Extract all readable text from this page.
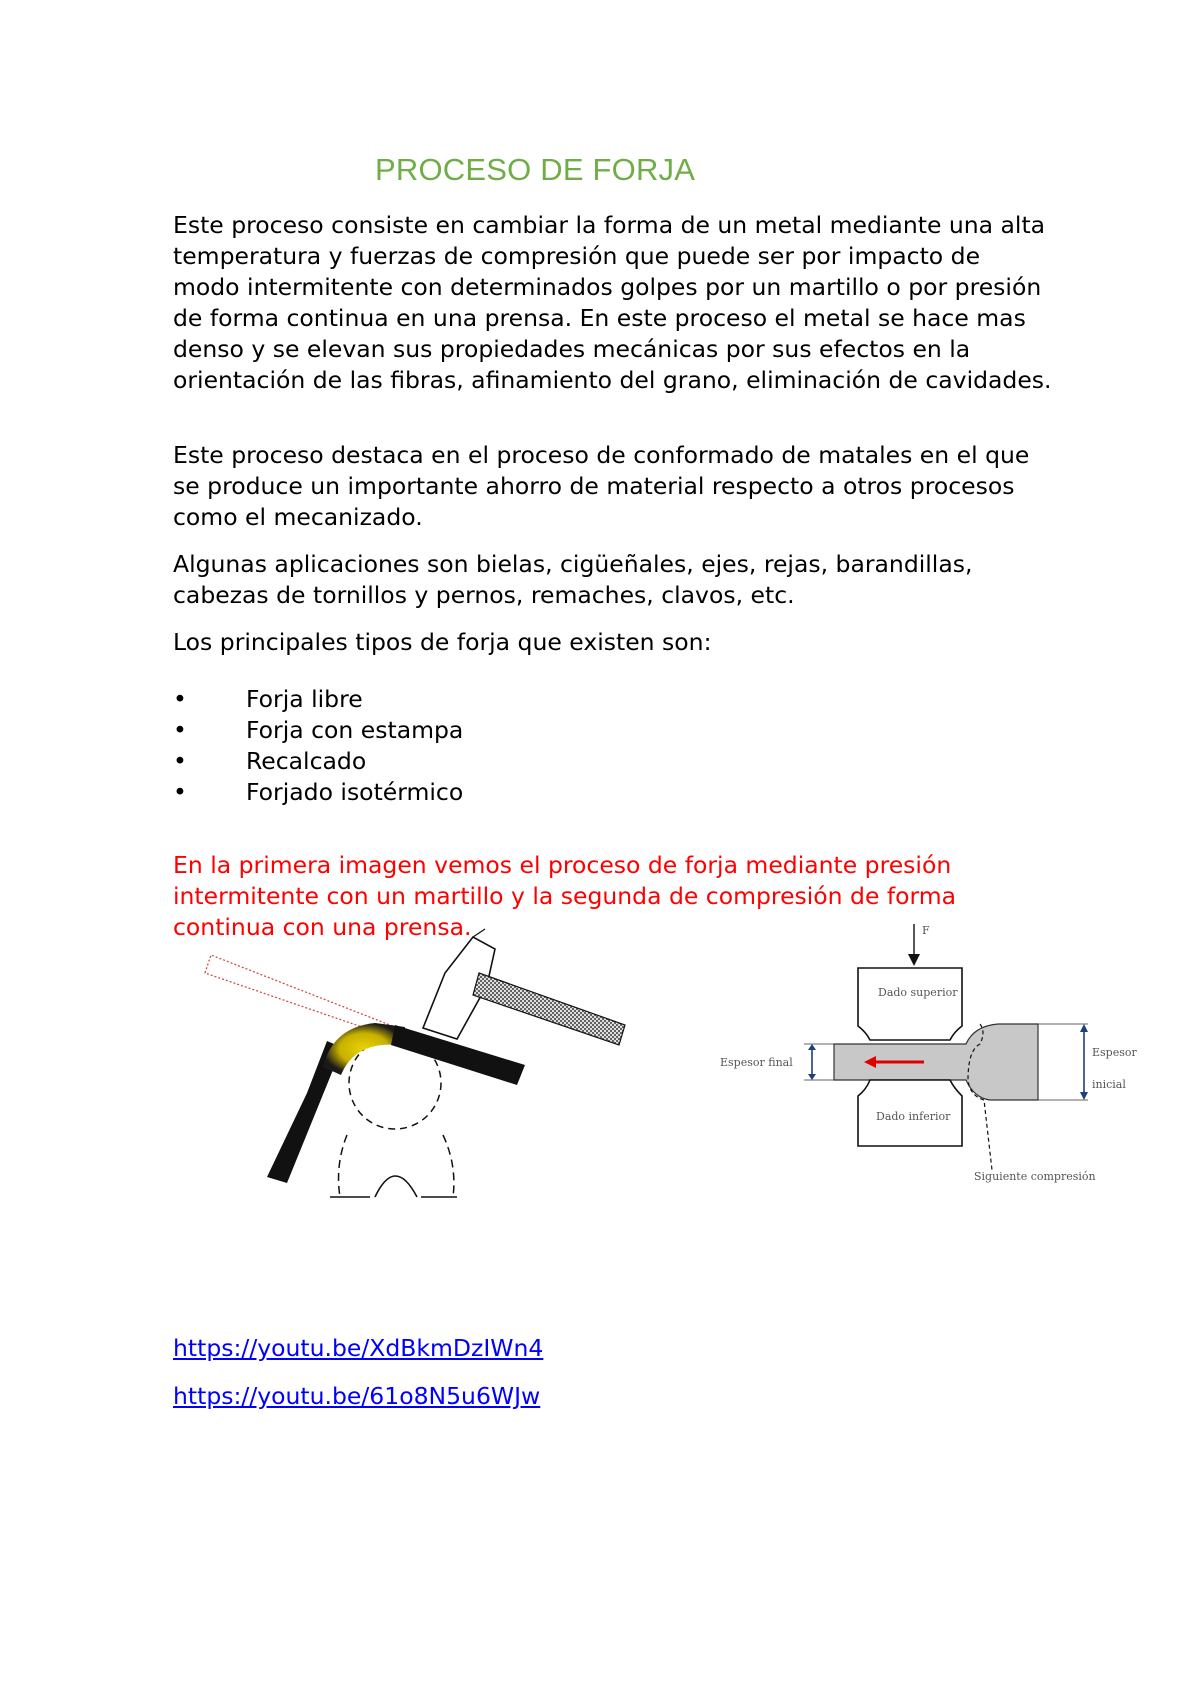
PROCESO DE FORJA

Este proceso consiste en cambiar la forma de un metal mediante una alta temperatura y fuerzas de compresión que puede ser por impacto de modo intermitente con determinados golpes por un martillo o por presión de forma continua en una prensa. En este proceso el metal se hace mas denso y se elevan sus propiedades mecánicas por sus efectos en la orientación de las fibras, afinamiento del grano, eliminación de cavidades.

Este proceso destaca en el proceso de conformado de matales en el que se produce un importante ahorro de material respecto a otros procesos como el mecanizado.

Algunas aplicaciones son bielas, cigüeñales, ejes, rejas, barandillas, cabezas de tornillos y pernos, remaches, clavos, etc.

Los principales tipos de forja que existen son:

•	Forja libre
•	Forja con estampa
•	Recalcado
•	Forjado isotérmico

En la primera imagen vemos el proceso de forja mediante presión intermitente con un martillo y la segunda de compresión de forma continua con una prensa.	F
Dado superior
Dado inferior
Espesor final
Espesor
inicial
Siguiente compresión
https://youtu.be/XdBkmDzIWn4
https://youtu.be/61o8N5u6WJw
